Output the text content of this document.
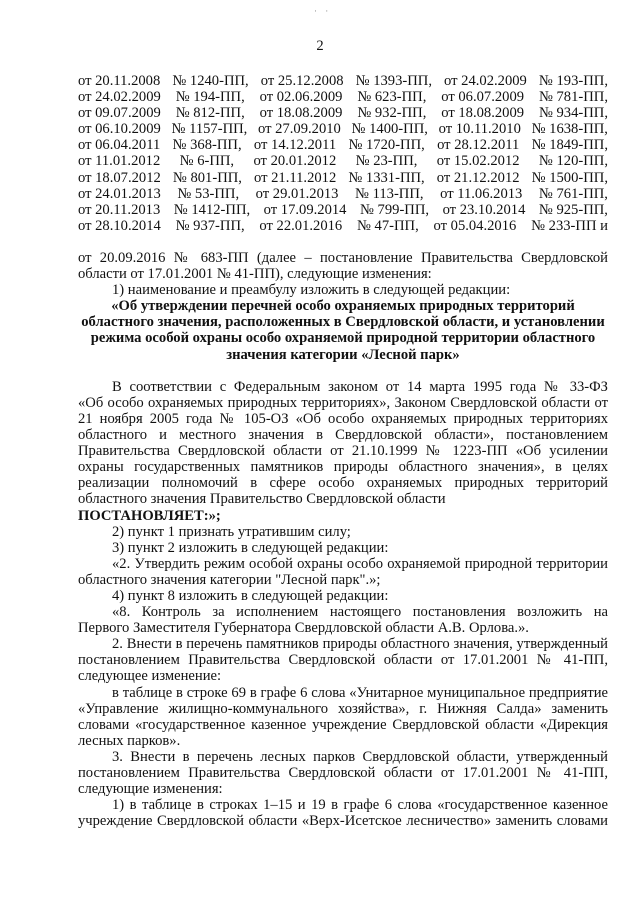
· ·
2
от 20.11.2008 № 1240-ПП, от 25.12.2008 № 1393-ПП, от 24.02.2009 № 193-ПП,
от 24.02.2009 № 194-ПП, от 02.06.2009 № 623-ПП, от 06.07.2009 № 781-ПП,
от 09.07.2009 № 812-ПП, от 18.08.2009 № 932-ПП, от 18.08.2009 № 934-ПП,
от 06.10.2009 № 1157-ПП, от 27.09.2010 № 1400-ПП, от 10.11.2010 № 1638-ПП,
от 06.04.2011 № 368-ПП, от 14.12.2011 № 1720-ПП, от 28.12.2011 № 1849-ПП,
от 11.01.2012 № 6-ПП, от 20.01.2012 № 23-ПП, от 15.02.2012 № 120-ПП,
от 18.07.2012 № 801-ПП, от 21.11.2012 № 1331-ПП, от 21.12.2012 № 1500-ПП,
от 24.01.2013 № 53-ПП, от 29.01.2013 № 113-ПП, от 11.06.2013 № 761-ПП,
от 20.11.2013 № 1412-ПП, от 17.09.2014 № 799-ПП, от 23.10.2014 № 925-ПП,
от 28.10.2014 № 937-ПП, от 22.01.2016 № 47-ПП, от 05.04.2016 № 233-ПП и
от 20.09.2016 № 683-ПП (далее – постановление Правительства Свердловской
области от 17.01.2001 № 41-ПП), следующие изменения:
1) наименование и преамбулу изложить в следующей редакции:
«Об утверждении перечней особо охраняемых природных территорий
областного значения, расположенных в Свердловской области, и установлении
режима особой охраны особо охраняемой природной территории областного
значения категории «Лесной парк»
В соответствии с Федеральным законом от 14 марта 1995 года № 33-ФЗ
«Об особо охраняемых природных территориях», Законом Свердловской области от
21 ноября 2005 года № 105-ОЗ «Об особо охраняемых природных территориях
областного и местного значения в Свердловской области», постановлением
Правительства Свердловской области от 21.10.1999 № 1223-ПП «Об усилении
охраны государственных памятников природы областного значения», в целях
реализации полномочий в сфере особо охраняемых природных территорий
областного значения Правительство Свердловской области
ПОСТАНОВЛЯЕТ:»;
2) пункт 1 признать утратившим силу;
3) пункт 2 изложить в следующей редакции:
«2. Утвердить режим особой охраны особо охраняемой природной территории
областного значения категории "Лесной парк".»;
4) пункт 8 изложить в следующей редакции:
«8. Контроль за исполнением настоящего постановления возложить на
Первого Заместителя Губернатора Свердловской области А.В. Орлова.».
2. Внести в перечень памятников природы областного значения, утвержденный
постановлением Правительства Свердловской области от 17.01.2001 № 41-ПП,
следующее изменение:
в таблице в строке 69 в графе 6 слова «Унитарное муниципальное предприятие
«Управление жилищно-коммунального хозяйства», г. Нижняя Салда» заменить
словами «государственное казенное учреждение Свердловской области «Дирекция
лесных парков».
3. Внести в перечень лесных парков Свердловской области, утвержденный
постановлением Правительства Свердловской области от 17.01.2001 № 41-ПП,
следующие изменения:
1) в таблице в строках 1–15 и 19 в графе 6 слова «государственное казенное
учреждение Свердловской области «Верх-Исетское лесничество» заменить словами
